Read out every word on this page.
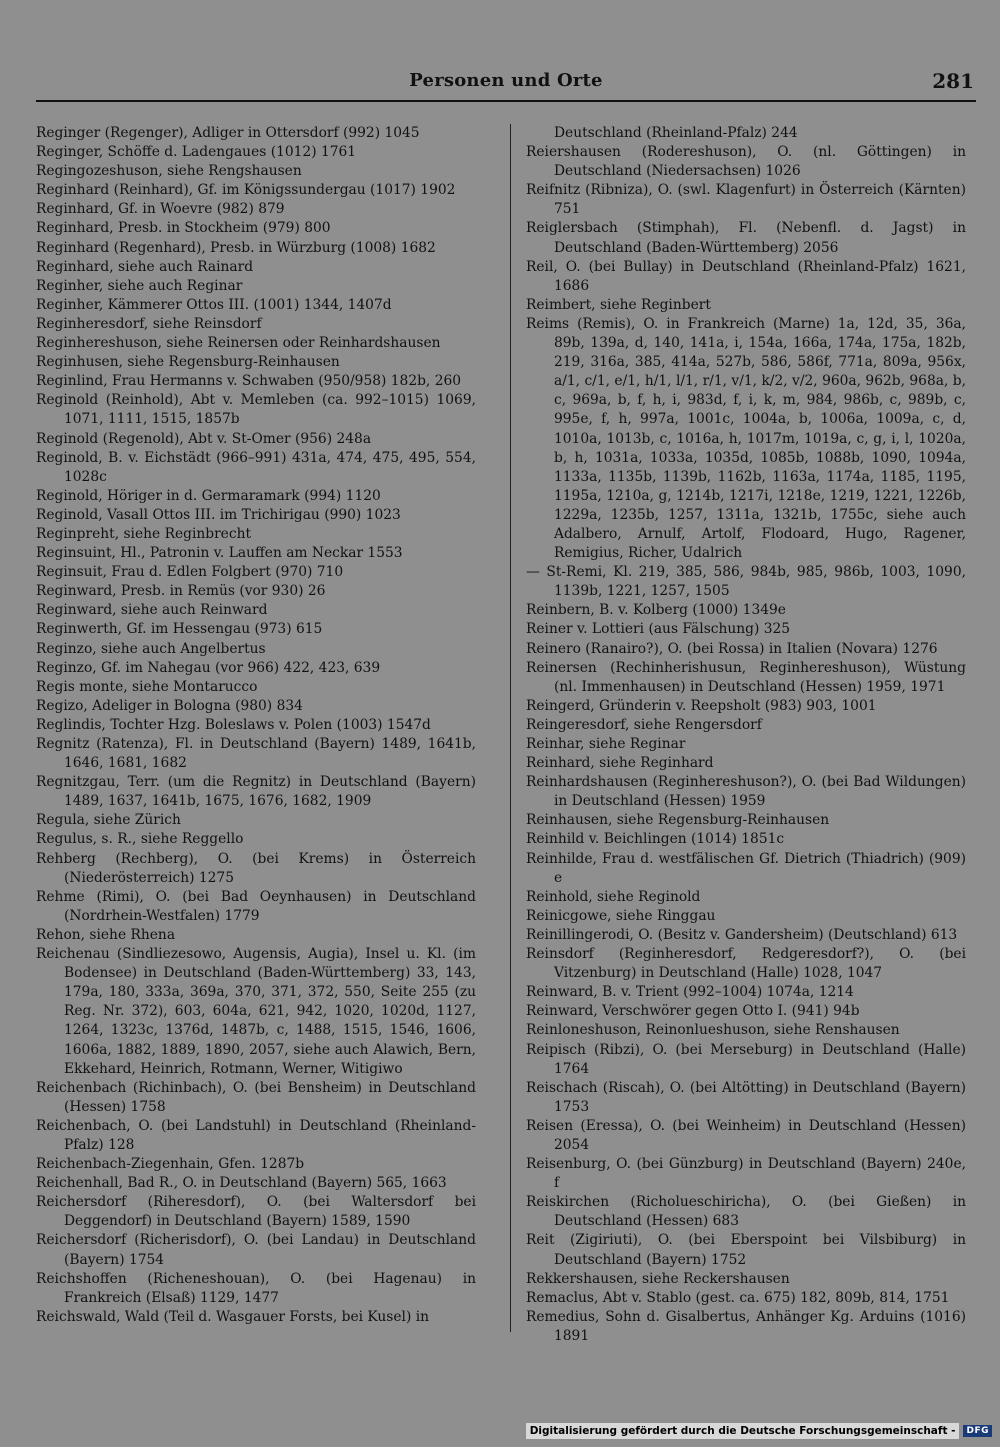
Personen und Orte	281

Reginger (Regenger), Adliger in Ottersdorf (992) 1045

Reginger, Schöffe d. Ladengaues (1012) 1761

Regingozeshuson, siehe Rengshausen

Reginhard (Reinhard), Gf. im Königssundergau (1017) 1902

Reginhard, Gf. in Woevre (982) 879

Reginhard, Presb. in Stockheim (979) 800

Reginhard (Regenhard), Presb. in Würzburg (1008) 1682

Reginhard, siehe auch Rainard

Reginher, siehe auch Reginar

Reginher, Kämmerer Ottos III. (1001) 1344, 1407d

Reginheresdorf, siehe Reinsdorf

Reginhereshuson, siehe Reinersen oder Reinhardshausen

Reginhusen, siehe Regensburg-Reinhausen

Reginlind, Frau Hermanns v. Schwaben (950/958) 182b, 260

Reginold (Reinhold), Abt v. Memleben (ca. 992–1015) 1069, 1071, 1111, 1515, 1857b

Reginold (Regenold), Abt v. St-Omer (956) 248a

Reginold, B. v. Eichstädt (966–991) 431a, 474, 475, 495, 554, 1028c

Reginold, Höriger in d. Germaramark (994) 1120

Reginold, Vasall Ottos III. im Trichirigau (990) 1023

Reginpreht, siehe Reginbrecht

Reginsuint, Hl., Patronin v. Lauffen am Neckar 1553

Reginsuit, Frau d. Edlen Folgbert (970) 710

Reginward, Presb. in Remüs (vor 930) 26

Reginward, siehe auch Reinward

Reginwerth, Gf. im Hessengau (973) 615

Reginzo, siehe auch Angelbertus

Reginzo, Gf. im Nahegau (vor 966) 422, 423, 639

Regis monte, siehe Montarucco

Regizo, Adeliger in Bologna (980) 834

Reglindis, Tochter Hzg. Boleslaws v. Polen (1003) 1547d

Regnitz (Ratenza), Fl. in Deutschland (Bayern) 1489, 1641b, 1646, 1681, 1682

Regnitzgau, Terr. (um die Regnitz) in Deutschland (Bayern) 1489, 1637, 1641b, 1675, 1676, 1682, 1909

Regula, siehe Zürich

Regulus, s. R., siehe Reggello

Rehberg (Rechberg), O. (bei Krems) in Österreich (Niederösterreich) 1275

Rehme (Rimi), O. (bei Bad Oeynhausen) in Deutschland (Nordrhein-Westfalen) 1779

Rehon, siehe Rhena

Reichenau (Sindliezesowo, Augensis, Augia), Insel u. Kl. (im Bodensee) in Deutschland (Baden-Württemberg) 33, 143, 179a, 180, 333a, 369a, 370, 371, 372, 550, Seite 255 (zu Reg. Nr. 372), 603, 604a, 621, 942, 1020, 1020d, 1127, 1264, 1323c, 1376d, 1487b, c, 1488, 1515, 1546, 1606, 1606a, 1882, 1889, 1890, 2057, siehe auch Alawich, Bern, Ekkehard, Heinrich, Rotmann, Werner, Witigiwo

Reichenbach (Richinbach), O. (bei Bensheim) in Deutschland (Hessen) 1758

Reichenbach, O. (bei Landstuhl) in Deutschland (Rheinland-Pfalz) 128

Reichenbach-Ziegenhain, Gfen. 1287b

Reichenhall, Bad R., O. in Deutschland (Bayern) 565, 1663

Reichersdorf (Riheresdorf), O. (bei Waltersdorf bei Deggendorf) in Deutschland (Bayern) 1589, 1590

Reichersdorf (Richerisdorf), O. (bei Landau) in Deutschland (Bayern) 1754

Reichshoffen (Richeneshouan), O. (bei Hagenau) in Frankreich (Elsaß) 1129, 1477

Reichswald, Wald (Teil d. Wasgauer Forsts, bei Kusel) in

Deutschland (Rheinland-Pfalz) 244

Reiershausen (Rodereshuson), O. (nl. Göttingen) in Deutschland (Niedersachsen) 1026

Reifnitz (Ribniza), O. (swl. Klagenfurt) in Österreich (Kärnten) 751

Reiglersbach (Stimphah), Fl. (Nebenfl. d. Jagst) in Deutschland (Baden-Württemberg) 2056

Reil, O. (bei Bullay) in Deutschland (Rheinland-Pfalz) 1621, 1686

Reimbert, siehe Reginbert

Reims (Remis), O. in Frankreich (Marne) 1a, 12d, 35, 36a, 89b, 139a, d, 140, 141a, i, 154a, 166a, 174a, 175a, 182b, 219, 316a, 385, 414a, 527b, 586, 586f, 771a, 809a, 956x, a/1, c/1, e/1, h/1, l/1, r/1, v/1, k/2, v/2, 960a, 962b, 968a, b, c, 969a, b, f, h, i, 983d, f, i, k, m, 984, 986b, c, 989b, c, 995e, f, h, 997a, 1001c, 1004a, b, 1006a, 1009a, c, d, 1010a, 1013b, c, 1016a, h, 1017m, 1019a, c, g, i, l, 1020a, b, h, 1031a, 1033a, 1035d, 1085b, 1088b, 1090, 1094a, 1133a, 1135b, 1139b, 1162b, 1163a, 1174a, 1185, 1195, 1195a, 1210a, g, 1214b, 1217i, 1218e, 1219, 1221, 1226b, 1229a, 1235b, 1257, 1311a, 1321b, 1755c, siehe auch Adalbero, Arnulf, Artolf, Flodoard, Hugo, Ragener, Remigius, Richer, Udalrich

— St-Remi, Kl. 219, 385, 586, 984b, 985, 986b, 1003, 1090, 1139b, 1221, 1257, 1505

Reinbern, B. v. Kolberg (1000) 1349e

Reiner v. Lottieri (aus Fälschung) 325

Reinero (Ranairo?), O. (bei Rossa) in Italien (Novara) 1276

Reinersen (Rechinherishusun, Reginhereshuson), Wüstung (nl. Immenhausen) in Deutschland (Hessen) 1959, 1971

Reingerd, Gründerin v. Reepsholt (983) 903, 1001

Reingeresdorf, siehe Rengersdorf

Reinhar, siehe Reginar

Reinhard, siehe Reginhard

Reinhardshausen (Reginhereshuson?), O. (bei Bad Wildungen) in Deutschland (Hessen) 1959

Reinhausen, siehe Regensburg-Reinhausen

Reinhild v. Beichlingen (1014) 1851c

Reinhilde, Frau d. westfälischen Gf. Dietrich (Thiadrich) (909) e

Reinhold, siehe Reginold

Reinicgowe, siehe Ringgau

Reinillingerodi, O. (Besitz v. Gandersheim) (Deutschland) 613

Reinsdorf (Reginheresdorf, Redgeresdorf?), O. (bei Vitzenburg) in Deutschland (Halle) 1028, 1047

Reinward, B. v. Trient (992–1004) 1074a, 1214

Reinward, Verschwörer gegen Otto I. (941) 94b

Reinloneshuson, Reinonlueshuson, siehe Renshausen

Reipisch (Ribzi), O. (bei Merseburg) in Deutschland (Halle) 1764

Reischach (Riscah), O. (bei Altötting) in Deutschland (Bayern) 1753

Reisen (Eressa), O. (bei Weinheim) in Deutschland (Hessen) 2054

Reisenburg, O. (bei Günzburg) in Deutschland (Bayern) 240e, f

Reiskirchen (Richolueschiricha), O. (bei Gießen) in Deutschland (Hessen) 683

Reit (Zigiriuti), O. (bei Eberspoint bei Vilsbiburg) in Deutschland (Bayern) 1752

Rekkershausen, siehe Reckershausen

Remaclus, Abt v. Stablo (gest. ca. 675) 182, 809b, 814, 1751

Remedius, Sohn d. Gisalbertus, Anhänger Kg. Arduins (1016) 1891

Digitalisierung gefördert durch die Deutsche Forschungsgemeinschaft -	DFG
